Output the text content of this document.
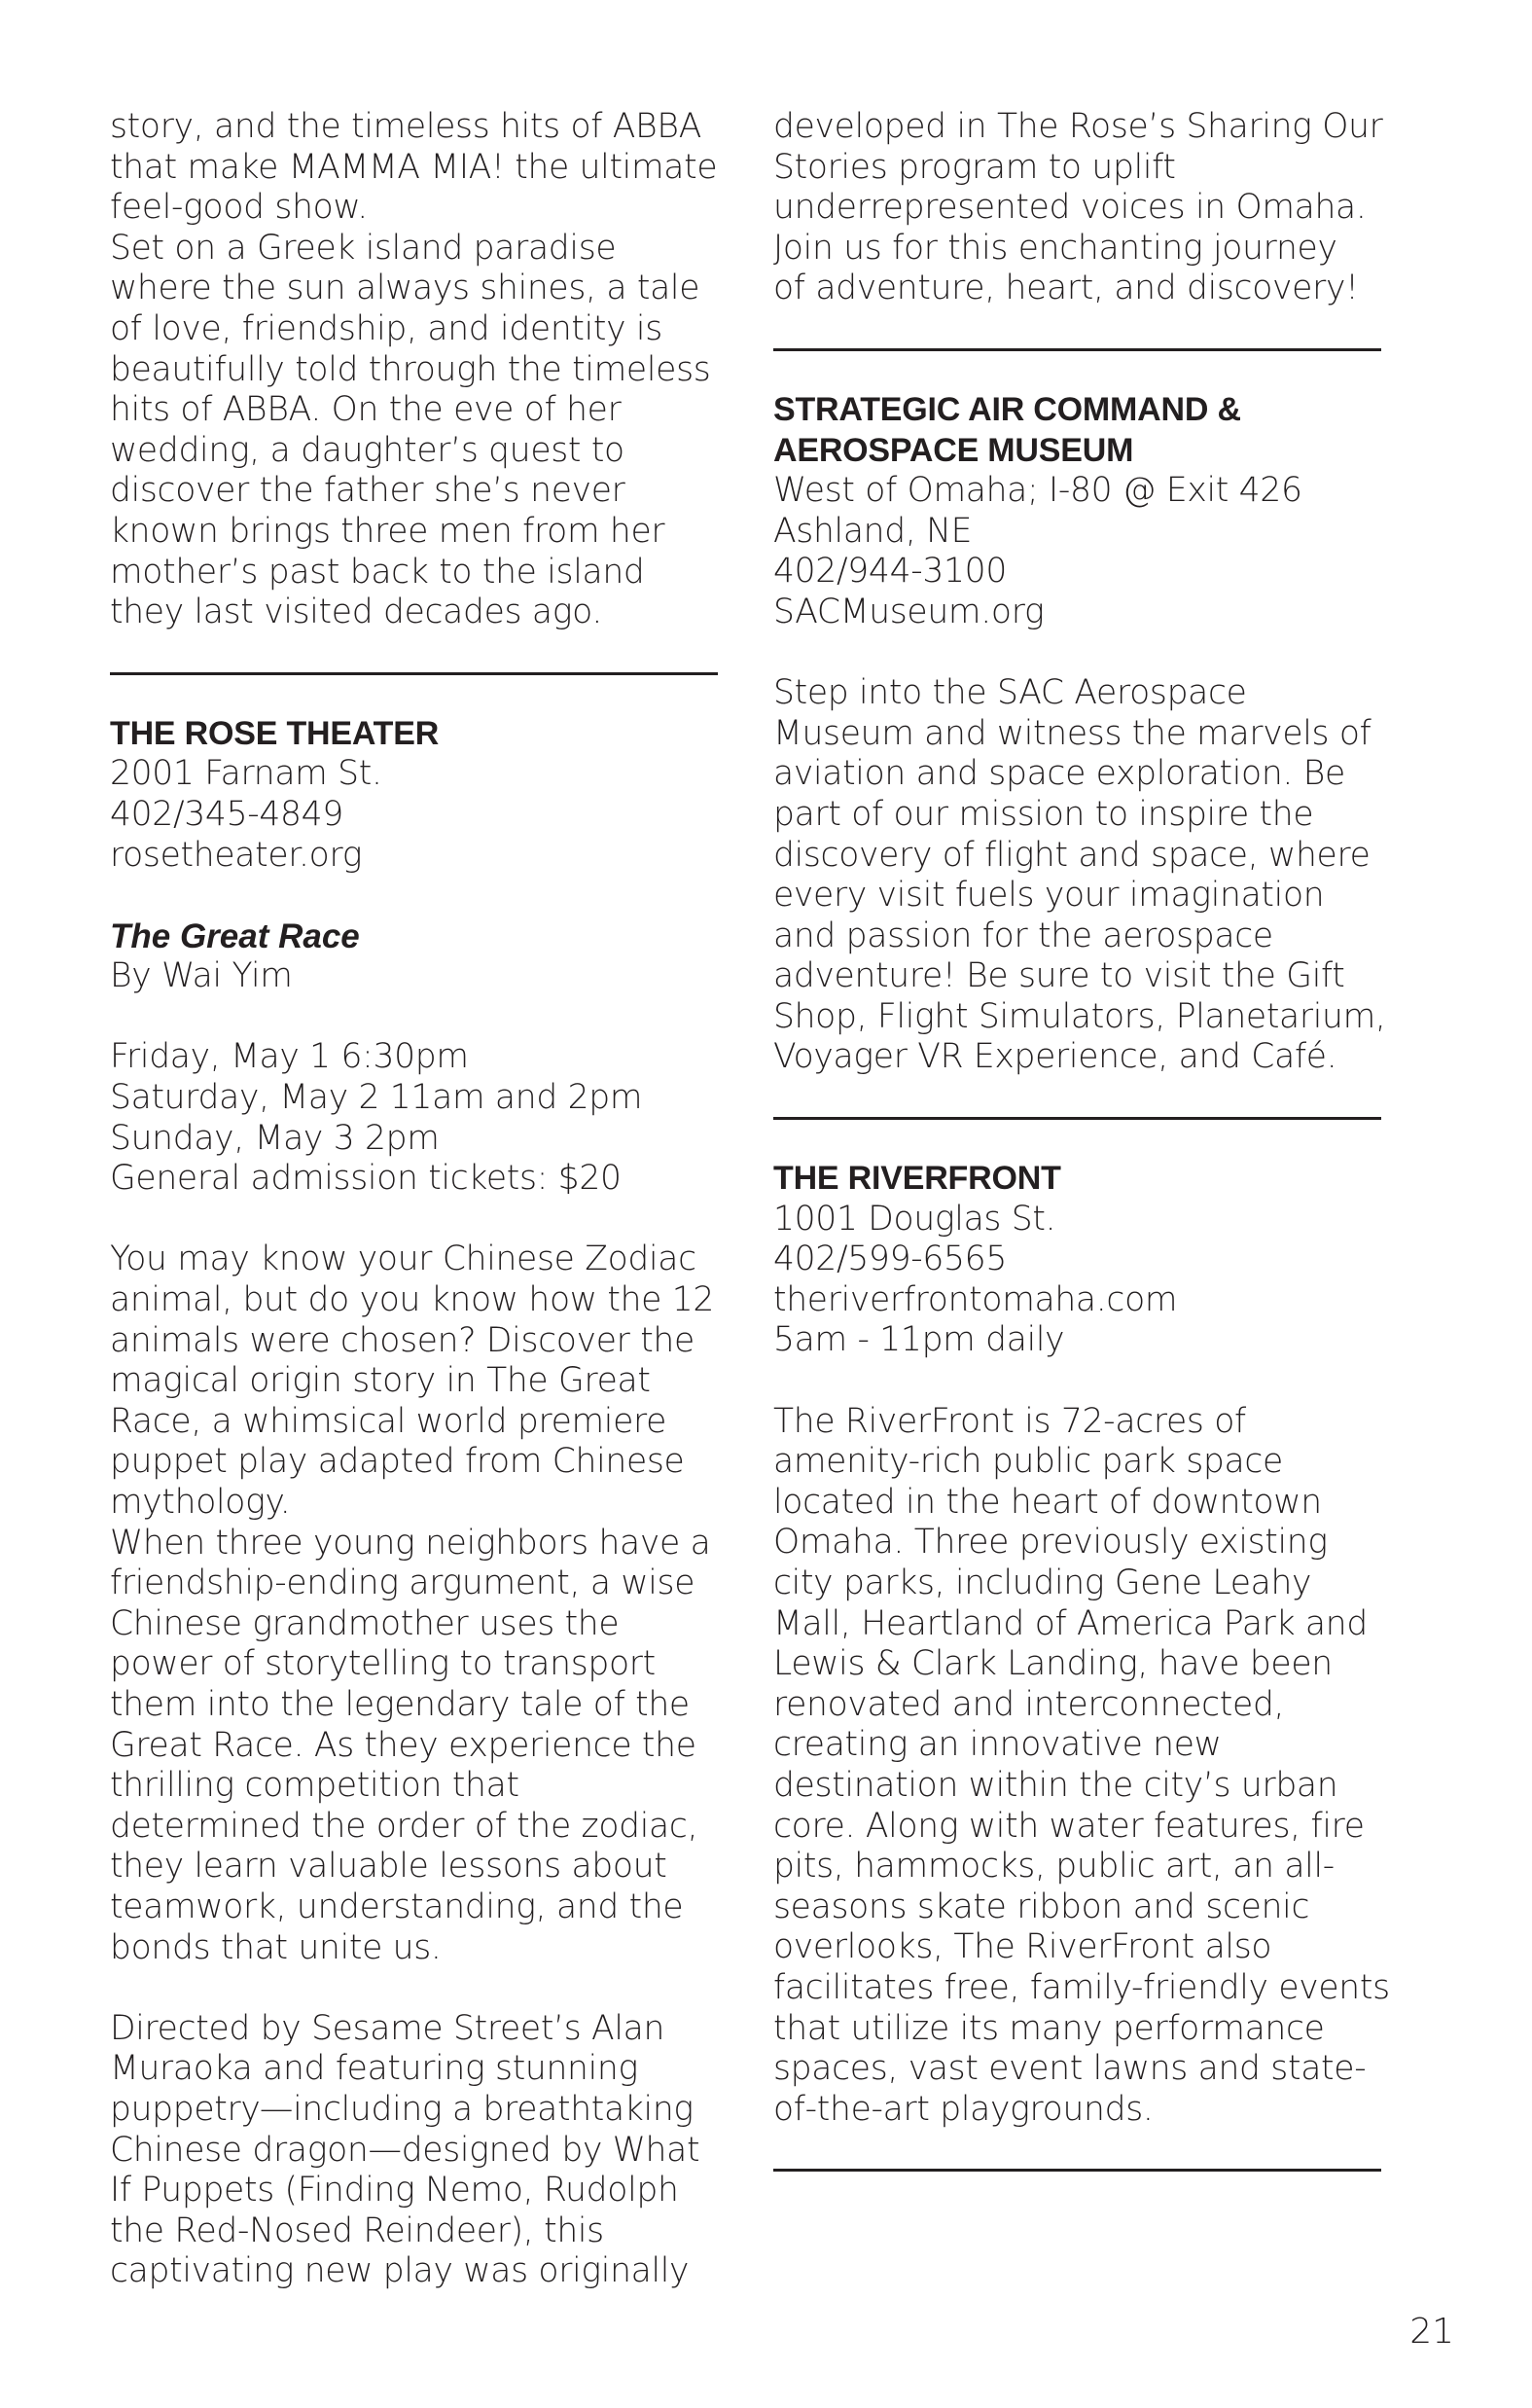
story, and the timeless hits of ABBA
that make MAMMA MIA! the ultimate
feel-good show.

Set on a Greek island paradise
where the sun always shines, a tale
of love, friendship, and identity is
beautifully told through the timeless
hits of ABBA. On the eve of her
wedding, a daughter’s quest to
discover the father she’s never
known brings three men from her
mother’s past back to the island
they last visited decades ago.

THE ROSE THEATER

2001 Farnam St.
402/345-4849
rosetheater.org

The Great Race

By Wai Yim

Friday, May 1 6:30pm
Saturday, May 2 11am and 2pm
Sunday, May 3 2pm
General admission tickets: $20

You may know your Chinese Zodiac
animal, but do you know how the 12
animals were chosen? Discover the
magical origin story in The Great
Race, a whimsical world premiere
puppet play adapted from Chinese
mythology.

When three young neighbors have a
friendship-ending argument, a wise
Chinese grandmother uses the
power of storytelling to transport
them into the legendary tale of the
Great Race. As they experience the
thrilling competition that
determined the order of the zodiac,
they learn valuable lessons about
teamwork, understanding, and the
bonds that unite us.

Directed by Sesame Street’s Alan
Muraoka and featuring stunning
puppetry—including a breathtaking
Chinese dragon—designed by What
If Puppets (Finding Nemo, Rudolph
the Red-Nosed Reindeer), this
captivating new play was originally

developed in The Rose’s Sharing Our
Stories program to uplift
underrepresented voices in Omaha.
Join us for this enchanting journey
of adventure, heart, and discovery!

STRATEGIC AIR COMMAND &
AEROSPACE MUSEUM

West of Omaha; I-80 @ Exit 426
Ashland, NE
402/944-3100
SACMuseum.org

Step into the SAC Aerospace
Museum and witness the marvels of
aviation and space exploration. Be
part of our mission to inspire the
discovery of flight and space, where
every visit fuels your imagination
and passion for the aerospace
adventure! Be sure to visit the Gift
Shop, Flight Simulators, Planetarium,
Voyager VR Experience, and Café.

THE RIVERFRONT

1001 Douglas St.
402/599-6565
theriverfrontomaha.com
5am - 11pm daily

The RiverFront is 72-acres of
amenity-rich public park space
located in the heart of downtown
Omaha. Three previously existing
city parks, including Gene Leahy
Mall, Heartland of America Park and
Lewis & Clark Landing, have been
renovated and interconnected,
creating an innovative new
destination within the city’s urban
core. Along with water features, fire
pits, hammocks, public art, an all-
seasons skate ribbon and scenic
overlooks, The RiverFront also
facilitates free, family-friendly events
that utilize its many performance
spaces, vast event lawns and state-
of-the-art playgrounds.

21
